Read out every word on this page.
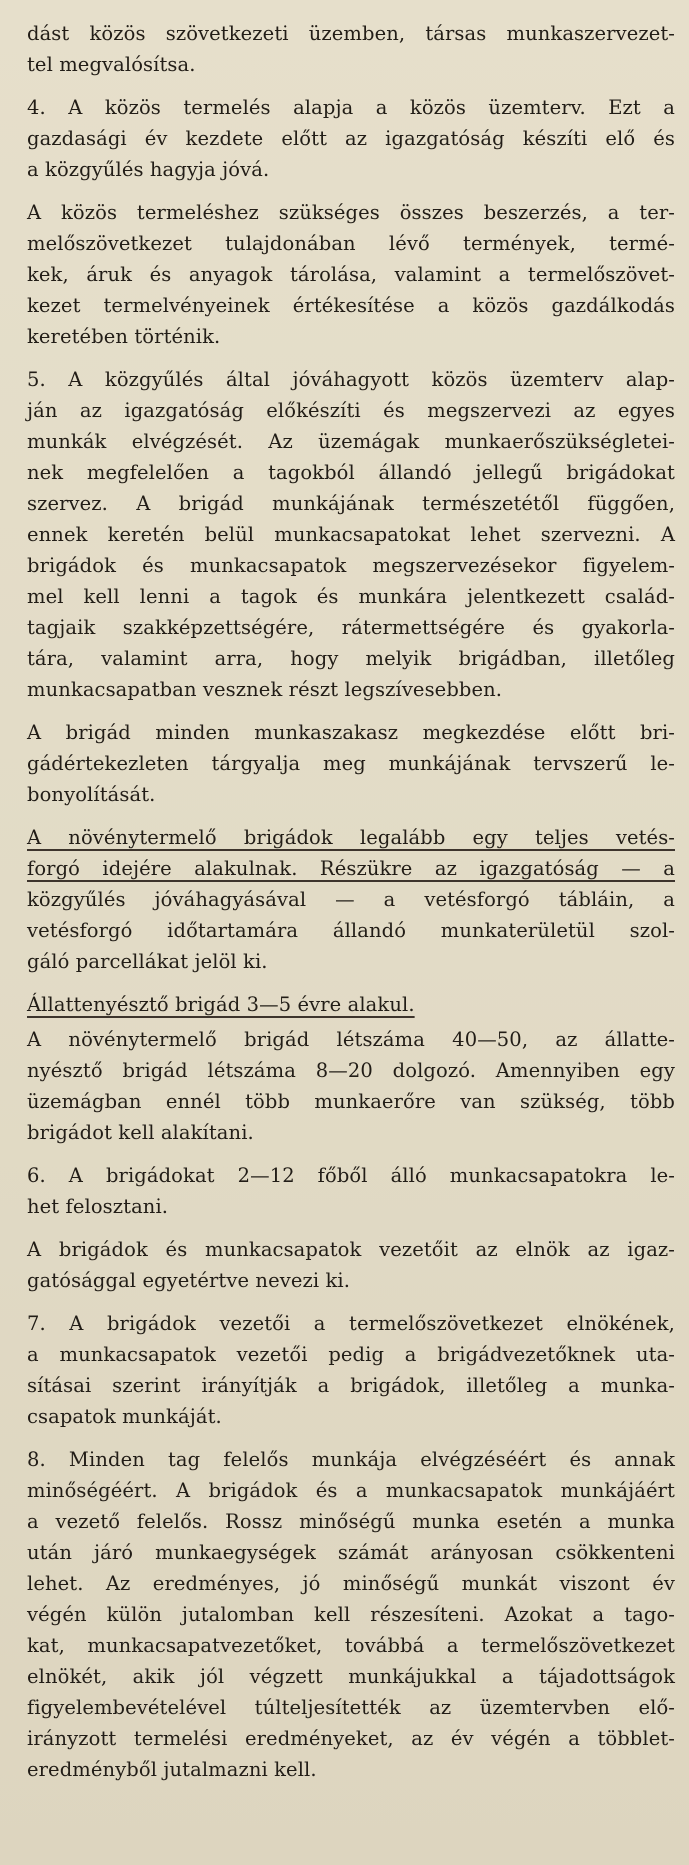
dást közös szövetkezeti üzemben, társas munkaszervezet-
tel megvalósítsa.
4. A közös termelés alapja a közös üzemterv. Ezt a
gazdasági év kezdete előtt az igazgatóság készíti elő és
a közgyűlés hagyja jóvá.
A közös termeléshez szükséges összes beszerzés, a ter-
melőszövetkezet tulajdonában lévő termények, termé-
kek, áruk és anyagok tárolása, valamint a termelőszövet-
kezet termelvényeinek értékesítése a közös gazdálkodás
keretében történik.
5. A közgyűlés által jóváhagyott közös üzemterv alap-
ján az igazgatóság előkészíti és megszervezi az egyes
munkák elvégzését. Az üzemágak munkaerőszükségletei-
nek megfelelően a tagokból állandó jellegű brigádokat
szervez. A brigád munkájának természetétől függően,
ennek keretén belül munkacsapatokat lehet szervezni. A
brigádok és munkacsapatok megszervezésekor figyelem-
mel kell lenni a tagok és munkára jelentkezett család-
tagjaik szakképzettségére, rátermettségére és gyakorla-
tára, valamint arra, hogy melyik brigádban, illetőleg
munkacsapatban vesznek részt legszívesebben.
A brigád minden munkaszakasz megkezdése előtt bri-
gádértekezleten tárgyalja meg munkájának tervszerű le-
bonyolítását.
A növénytermelő brigádok legalább egy teljes vetés-
forgó idejére alakulnak. Részükre az igazgatóság — a
közgyűlés jóváhagyásával — a vetésforgó tábláin, a
vetésforgó időtartamára állandó munkaterületül szol-
gáló parcellákat jelöl ki.
Állattenyésztő brigád 3—5 évre alakul.
A növénytermelő brigád létszáma 40—50, az állatte-
nyésztő brigád létszáma 8—20 dolgozó. Amennyiben egy
üzemágban ennél több munkaerőre van szükség, több
brigádot kell alakítani.
6. A brigádokat 2—12 főből álló munkacsapatokra le-
het felosztani.
A brigádok és munkacsapatok vezetőit az elnök az igaz-
gatósággal egyetértve nevezi ki.
7. A brigádok vezetői a termelőszövetkezet elnökének,
a munkacsapatok vezetői pedig a brigádvezetőknek uta-
sításai szerint irányítják a brigádok, illetőleg a munka-
csapatok munkáját.
8. Minden tag felelős munkája elvégzéséért és annak
minőségéért. A brigádok és a munkacsapatok munkájáért
a vezető felelős. Rossz minőségű munka esetén a munka
után járó munkaegységek számát arányosan csökkenteni
lehet. Az eredményes, jó minőségű munkát viszont év
végén külön jutalomban kell részesíteni. Azokat a tago-
kat, munkacsapatvezetőket, továbbá a termelőszövetkezet
elnökét, akik jól végzett munkájukkal a tájadottságok
figyelembevételével túlteljesítették az üzemtervben elő-
irányzott termelési eredményeket, az év végén a többlet-
eredményből jutalmazni kell.
